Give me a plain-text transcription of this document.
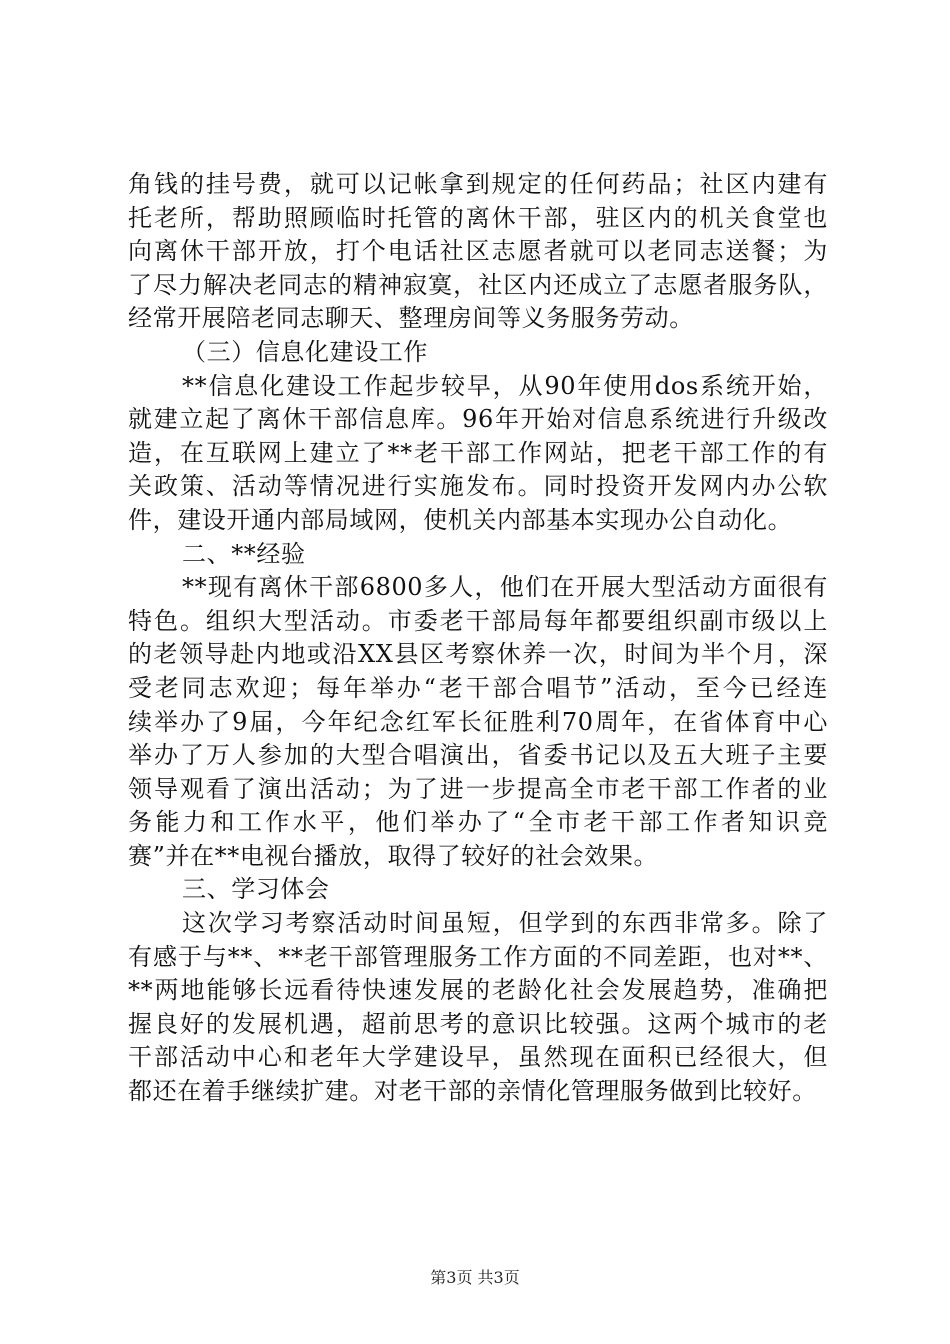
角钱的挂号费，就可以记帐拿到规定的任何药品；社区内建有
托老所，帮助照顾临时托管的离休干部，驻区内的机关食堂也
向离休干部开放，打个电话社区志愿者就可以老同志送餐；为
了尽力解决老同志的精神寂寞，社区内还成立了志愿者服务队，
经常开展陪老同志聊天、整理房间等义务服务劳动。
（三）信息化建设工作
**信息化建设工作起步较早，从90年使用dos系统开始，
就建立起了离休干部信息库。96年开始对信息系统进行升级改
造，在互联网上建立了**老干部工作网站，把老干部工作的有
关政策、活动等情况进行实施发布。同时投资开发网内办公软
件，建设开通内部局域网，使机关内部基本实现办公自动化。
二、**经验
**现有离休干部6800多人，他们在开展大型活动方面很有
特色。组织大型活动。市委老干部局每年都要组织副市级以上
的老领导赴内地或沿XX县区考察休养一次，时间为半个月，深
受老同志欢迎；每年举办“老干部合唱节”活动，至今已经连
续举办了9届，今年纪念红军长征胜利70周年，在省体育中心
举办了万人参加的大型合唱演出，省委书记以及五大班子主要
领导观看了演出活动；为了进一步提高全市老干部工作者的业
务能力和工作水平，他们举办了“全市老干部工作者知识竞
赛”并在**电视台播放，取得了较好的社会效果。
三、学习体会
这次学习考察活动时间虽短，但学到的东西非常多。除了
有感于与**、**老干部管理服务工作方面的不同差距，也对**、
**两地能够长远看待快速发展的老龄化社会发展趋势，准确把
握良好的发展机遇，超前思考的意识比较强。这两个城市的老
干部活动中心和老年大学建设早，虽然现在面积已经很大，但
都还在着手继续扩建。对老干部的亲情化管理服务做到比较好。
第3页 共3页
